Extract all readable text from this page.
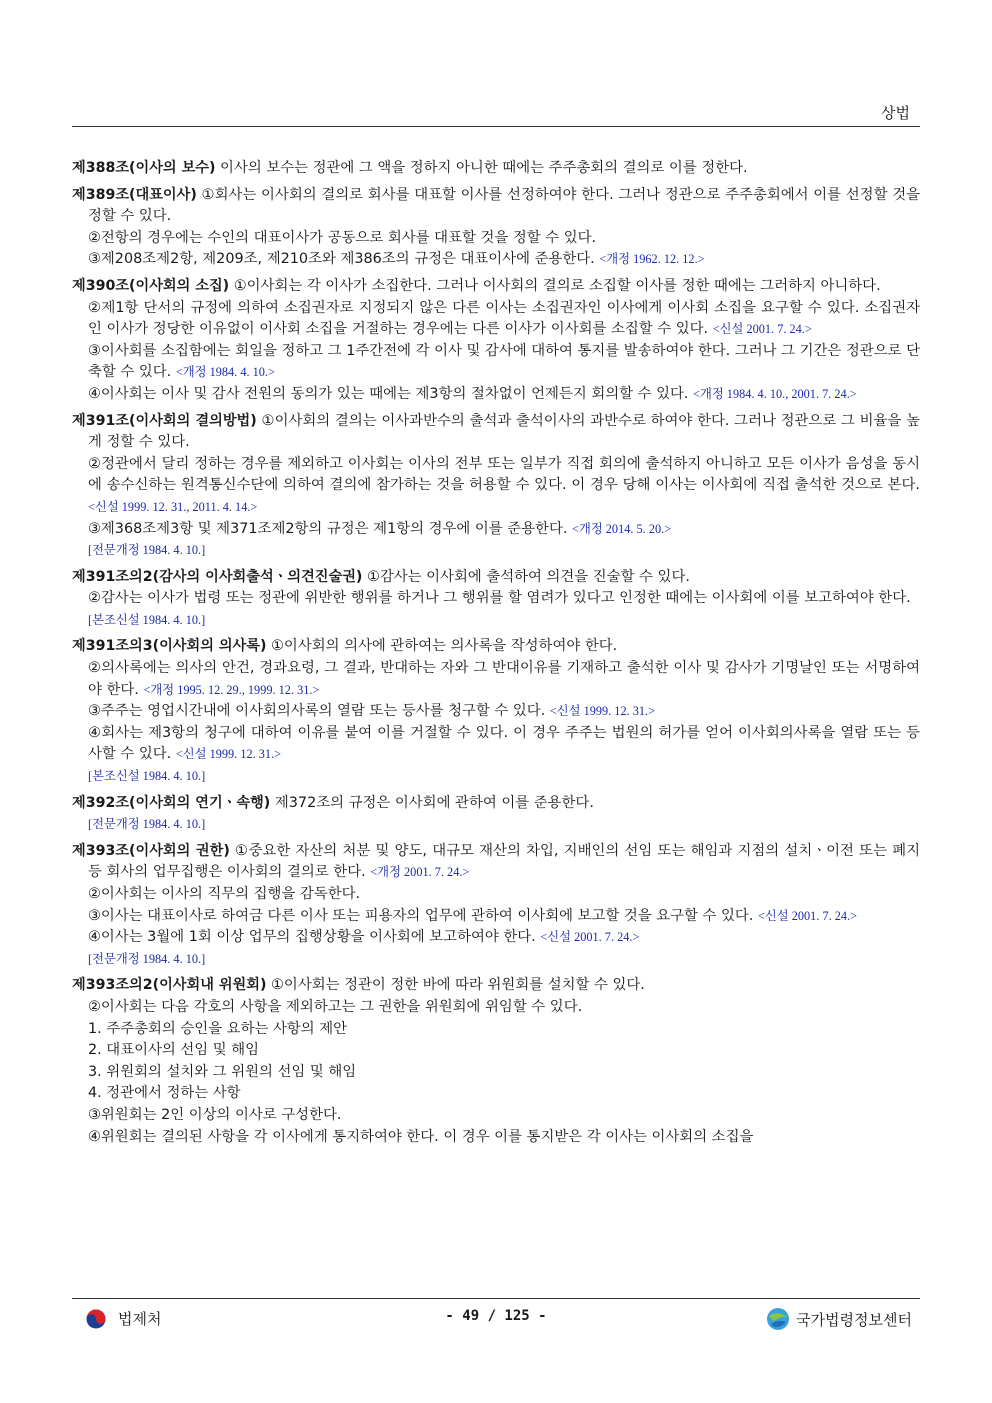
상법
제388조(이사의 보수) 이사의 보수는 정관에 그 액을 정하지 아니한 때에는 주주총회의 결의로 이를 정한다.
제389조(대표이사) ①회사는 이사회의 결의로 회사를 대표할 이사를 선정하여야 한다. 그러나 정관으로 주주총회에서 이를 선정할 것을 정할 수 있다.
②전항의 경우에는 수인의 대표이사가 공동으로 회사를 대표할 것을 정할 수 있다.
③제208조제2항, 제209조, 제210조와 제386조의 규정은 대표이사에 준용한다. <개정 1962. 12. 12.>
제390조(이사회의 소집) ①이사회는 각 이사가 소집한다. 그러나 이사회의 결의로 소집할 이사를 정한 때에는 그러하지 아니하다.
②제1항 단서의 규정에 의하여 소집권자로 지정되지 않은 다른 이사는 소집권자인 이사에게 이사회 소집을 요구할 수 있다. 소집권자인 이사가 정당한 이유없이 이사회 소집을 거절하는 경우에는 다른 이사가 이사회를 소집할 수 있다. <신설 2001. 7. 24.>
③이사회를 소집함에는 회일을 정하고 그 1주간전에 각 이사 및 감사에 대하여 통지를 발송하여야 한다. 그러나 그 기간은 정관으로 단축할 수 있다. <개정 1984. 4. 10.>
④이사회는 이사 및 감사 전원의 동의가 있는 때에는 제3항의 절차없이 언제든지 회의할 수 있다. <개정 1984. 4. 10., 2001. 7. 24.>
제391조(이사회의 결의방법) ①이사회의 결의는 이사과반수의 출석과 출석이사의 과반수로 하여야 한다. 그러나 정관으로 그 비율을 높게 정할 수 있다.
②정관에서 달리 정하는 경우를 제외하고 이사회는 이사의 전부 또는 일부가 직접 회의에 출석하지 아니하고 모든 이사가 음성을 동시에 송수신하는 원격통신수단에 의하여 결의에 참가하는 것을 허용할 수 있다. 이 경우 당해 이사는 이사회에 직접 출석한 것으로 본다. <신설 1999. 12. 31., 2011. 4. 14.>
③제368조제3항 및 제371조제2항의 규정은 제1항의 경우에 이를 준용한다. <개정 2014. 5. 20.>
[전문개정 1984. 4. 10.]
제391조의2(감사의 이사회출석ㆍ의견진술권) ①감사는 이사회에 출석하여 의견을 진술할 수 있다.
②감사는 이사가 법령 또는 정관에 위반한 행위를 하거나 그 행위를 할 염려가 있다고 인정한 때에는 이사회에 이를 보고하여야 한다.
[본조신설 1984. 4. 10.]
제391조의3(이사회의 의사록) ①이사회의 의사에 관하여는 의사록을 작성하여야 한다.
②의사록에는 의사의 안건, 경과요령, 그 결과, 반대하는 자와 그 반대이유를 기재하고 출석한 이사 및 감사가 기명날인 또는 서명하여야 한다. <개정 1995. 12. 29., 1999. 12. 31.>
③주주는 영업시간내에 이사회의사록의 열람 또는 등사를 청구할 수 있다. <신설 1999. 12. 31.>
④회사는 제3항의 청구에 대하여 이유를 붙여 이를 거절할 수 있다. 이 경우 주주는 법원의 허가를 얻어 이사회의사록을 열람 또는 등사할 수 있다. <신설 1999. 12. 31.>
[본조신설 1984. 4. 10.]
제392조(이사회의 연기ㆍ속행) 제372조의 규정은 이사회에 관하여 이를 준용한다.
[전문개정 1984. 4. 10.]
제393조(이사회의 권한) ①중요한 자산의 처분 및 양도, 대규모 재산의 차입, 지배인의 선임 또는 해임과 지점의 설치ㆍ이전 또는 폐지 등 회사의 업무집행은 이사회의 결의로 한다. <개정 2001. 7. 24.>
②이사회는 이사의 직무의 집행을 감독한다.
③이사는 대표이사로 하여금 다른 이사 또는 피용자의 업무에 관하여 이사회에 보고할 것을 요구할 수 있다. <신설 2001. 7. 24.>
④이사는 3월에 1회 이상 업무의 집행상황을 이사회에 보고하여야 한다. <신설 2001. 7. 24.>
[전문개정 1984. 4. 10.]
제393조의2(이사회내 위원회) ①이사회는 정관이 정한 바에 따라 위원회를 설치할 수 있다.
②이사회는 다음 각호의 사항을 제외하고는 그 권한을 위원회에 위임할 수 있다.
1. 주주총회의 승인을 요하는 사항의 제안
2. 대표이사의 선임 및 해임
3. 위원회의 설치와 그 위원의 선임 및 해임
4. 정관에서 정하는 사항
③위원회는 2인 이상의 이사로 구성한다.
④위원회는 결의된 사항을 각 이사에게 통지하여야 한다. 이 경우 이를 통지받은 각 이사는 이사회의 소집을
법제처	- 49 / 125 -	국가법령정보센터
